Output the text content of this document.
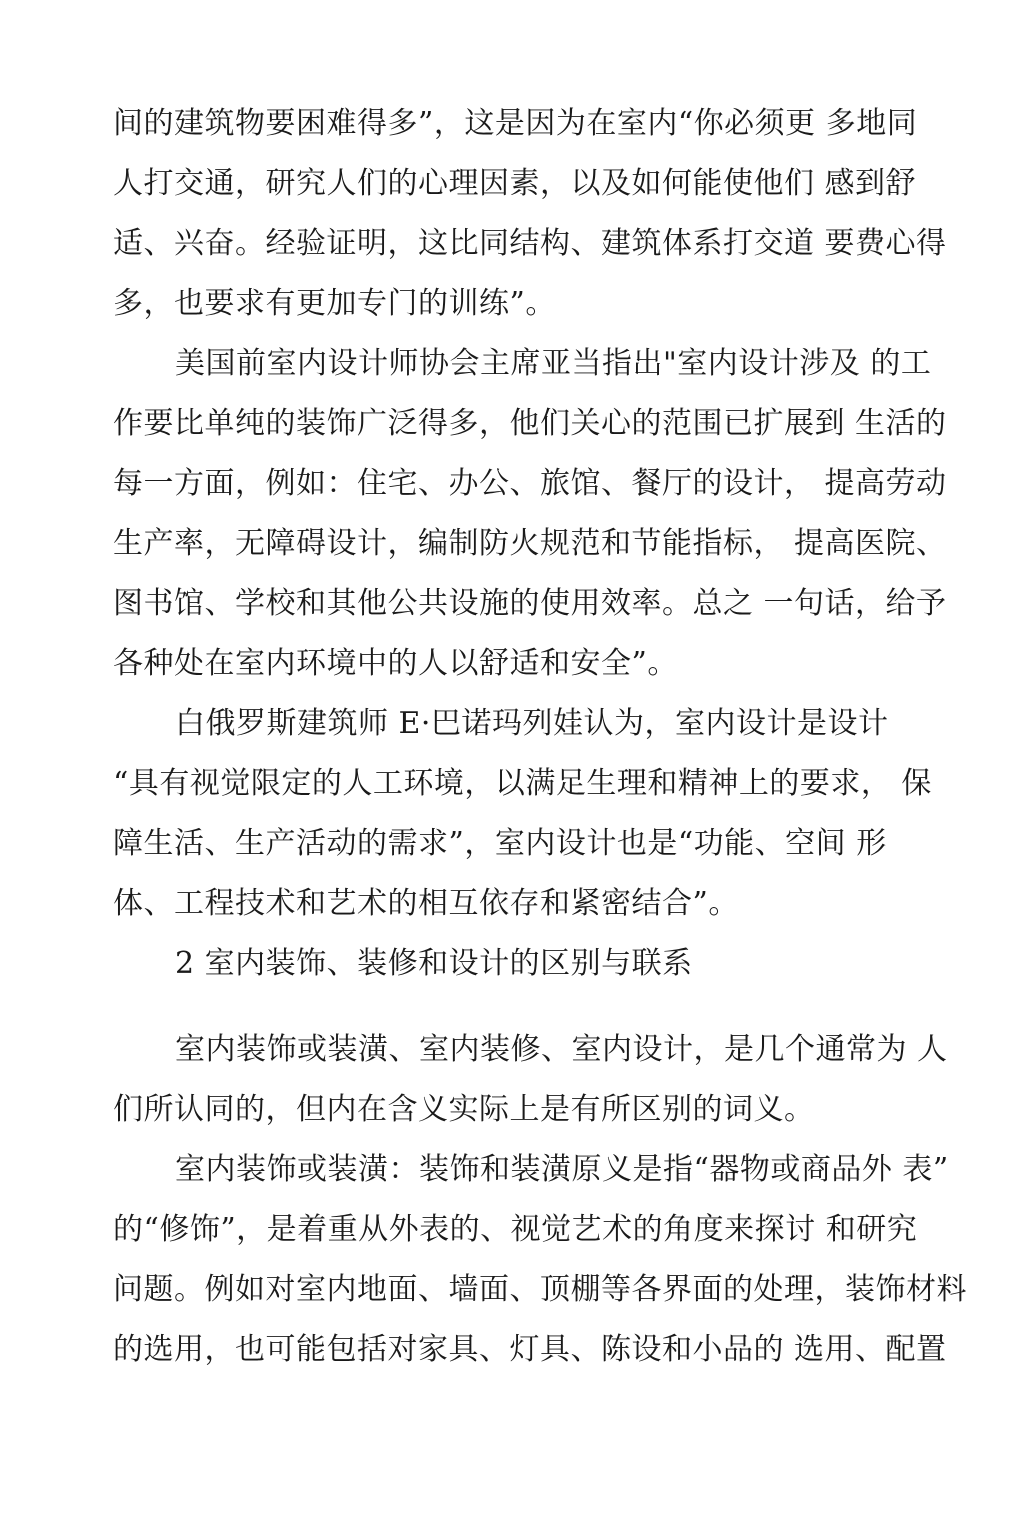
间的建筑物要困难得多”，这是因为在室内“你必须更 多地同
人打交通，研究人们的心理因素，以及如何能使他们 感到舒
适、兴奋。经验证明，这比同结构、建筑体系打交道 要费心得
多，也要求有更加专门的训练”。
美国前室内设计师协会主席亚当指出"室内设计涉及 的工
作要比单纯的装饰广泛得多，他们关心的范围已扩展到 生活的
每一方面，例如：住宅、办公、旅馆、餐厅的设计， 提高劳动
生产率，无障碍设计，编制防火规范和节能指标， 提高医院、
图书馆、学校和其他公共设施的使用效率。总之 一句话，给予
各种处在室内环境中的人以舒适和安全”。
白俄罗斯建筑师 E·巴诺玛列娃认为，室内设计是设计
“具有视觉限定的人工环境，以满足生理和精神上的要求， 保
障生活、生产活动的需求”，室内设计也是“功能、空间 形
体、工程技术和艺术的相互依存和紧密结合”。
2 室内装饰、装修和设计的区别与联系
室内装饰或装潢、室内装修、室内设计，是几个通常为 人
们所认同的，但内在含义实际上是有所区别的词义。
室内装饰或装潢：装饰和装潢原义是指“器物或商品外 表”
的“修饰”，是着重从外表的、视觉艺术的角度来探讨 和研究
问题。例如对室内地面、墙面、顶棚等各界面的处理，装饰材料
的选用，也可能包括对家具、灯具、陈设和小品的 选用、配置
